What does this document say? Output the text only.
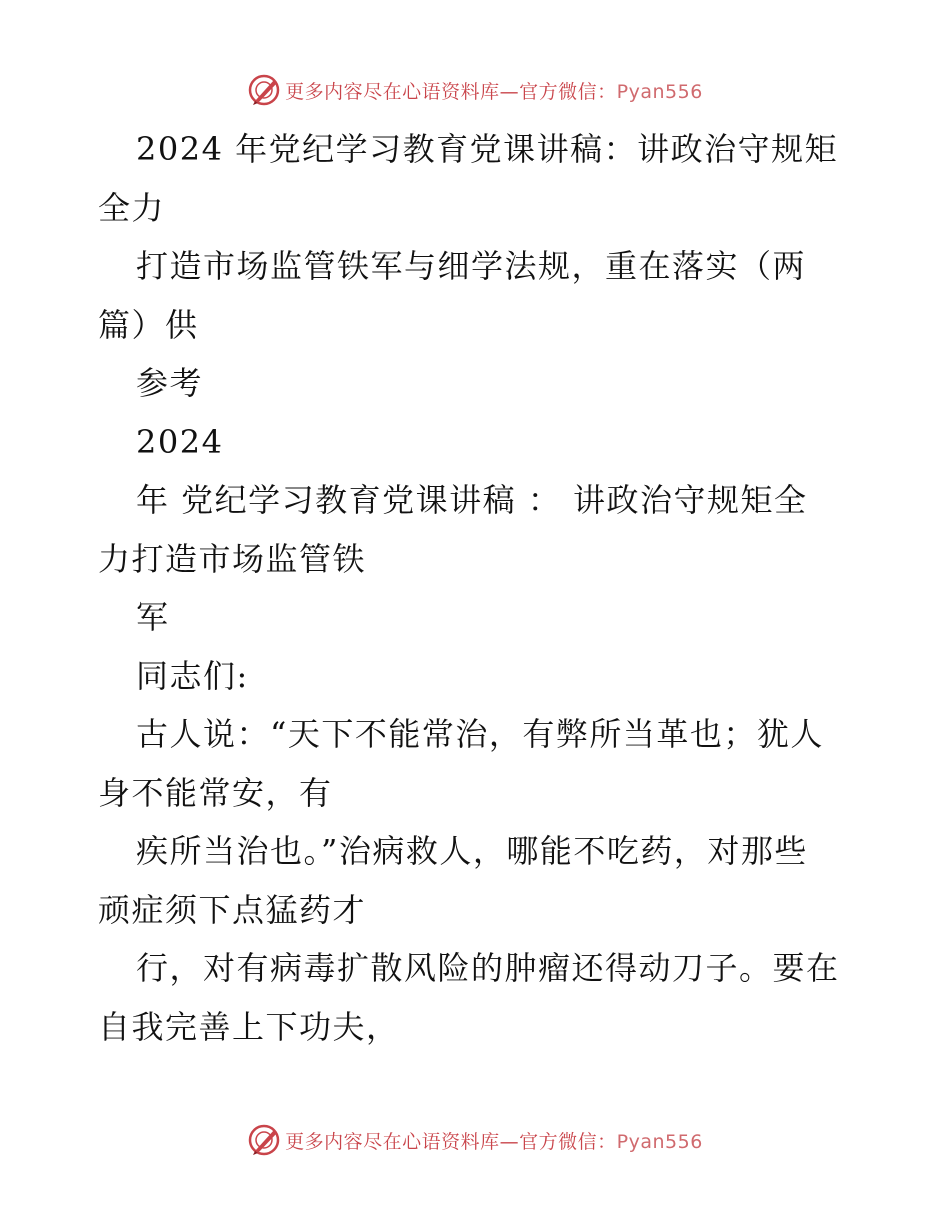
更多内容尽在心语资料库—官方微信：Pyan556
2024 年党纪学习教育党课讲稿：讲政治守规矩
全力
打造市场监管铁军与细学法规，重在落实（两
篇）供
参考
2024
年 党纪学习教育党课讲稿 ： 讲政治守规矩全
力打造市场监管铁
军
同志们:
古人说：“天下不能常治，有弊所当革也；犹人
身不能常安，有
疾所当治也。”治病救人，哪能不吃药，对那些
顽症须下点猛药才
行，对有病毒扩散风险的肿瘤还得动刀子。要在
自我完善上下功夫，
更多内容尽在心语资料库—官方微信：Pyan556
